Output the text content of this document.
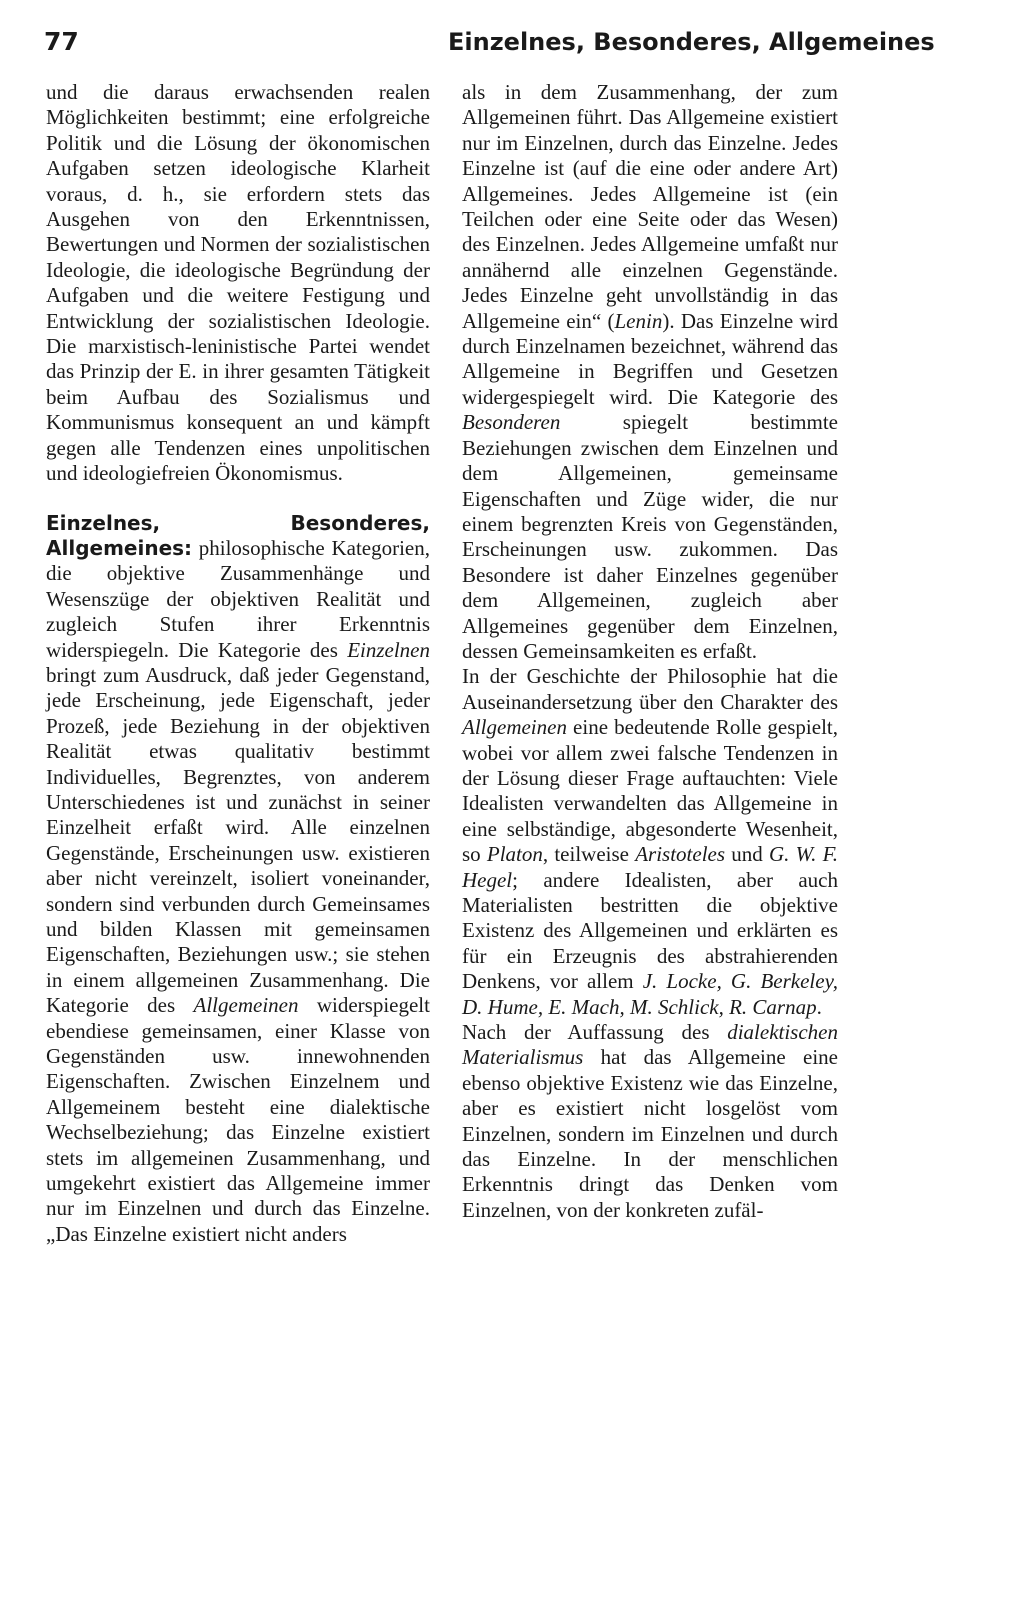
77	Einzelnes, Besonderes, Allgemeines

und die daraus erwachsenden realen Möglichkeiten bestimmt; eine erfolgreiche Politik und die Lösung der ökonomischen Aufgaben setzen ideologische Klarheit voraus, d. h., sie erfordern stets das Ausgehen von den Erkenntnissen, Bewertungen und Normen der sozialistischen Ideologie, die ideologische Begründung der Aufgaben und die weitere Festigung und Entwicklung der sozialistischen Ideologie. Die marxistisch-leninistische Partei wendet das Prinzip der E. in ihrer gesamten Tätigkeit beim Aufbau des Sozialismus und Kommunismus konsequent an und kämpft gegen alle Tendenzen eines unpolitischen und ideologiefreien Ökonomismus.

Einzelnes, Besonderes, Allgemeines: philosophische Kategorien, die objektive Zusammenhänge und Wesenszüge der objektiven Realität und zugleich Stufen ihrer Erkenntnis widerspiegeln. Die Kategorie des Einzelnen bringt zum Ausdruck, daß jeder Gegenstand, jede Erscheinung, jede Eigenschaft, jeder Prozeß, jede Beziehung in der objektiven Realität etwas qualitativ bestimmt Individuelles, Begrenztes, von anderem Unterschiedenes ist und zunächst in seiner Einzelheit erfaßt wird. Alle einzelnen Gegenstände, Erscheinungen usw. existieren aber nicht vereinzelt, isoliert voneinander, sondern sind verbunden durch Gemeinsames und bilden Klassen mit gemeinsamen Eigenschaften, Beziehungen usw.; sie stehen in einem allgemeinen Zusammenhang. Die Kategorie des Allgemeinen widerspiegelt ebendiese gemeinsamen, einer Klasse von Gegenständen usw. innewohnenden Eigenschaften. Zwischen Einzelnem und Allgemeinem besteht eine dialektische Wechselbeziehung; das Einzelne existiert stets im allgemeinen Zusammenhang, und umgekehrt existiert das Allgemeine immer nur im Einzelnen und durch das Einzelne. „Das Einzelne existiert nicht anders

als in dem Zusammenhang, der zum Allgemeinen führt. Das Allgemeine existiert nur im Einzelnen, durch das Einzelne. Jedes Einzelne ist (auf die eine oder andere Art) Allgemeines. Jedes Allgemeine ist (ein Teilchen oder eine Seite oder das Wesen) des Einzelnen. Jedes Allgemeine umfaßt nur annähernd alle einzelnen Gegenstände. Jedes Einzelne geht unvollständig in das Allgemeine ein“ (Lenin). Das Einzelne wird durch Einzelnamen bezeichnet, während das Allgemeine in Begriffen und Gesetzen widergespiegelt wird. Die Kategorie des Besonderen spiegelt bestimmte Beziehungen zwischen dem Einzelnen und dem Allgemeinen, gemeinsame Eigenschaften und Züge wider, die nur einem begrenzten Kreis von Gegenständen, Erscheinungen usw. zukommen. Das Besondere ist daher Einzelnes gegenüber dem Allgemeinen, zugleich aber Allgemeines gegenüber dem Einzelnen, dessen Gemeinsamkeiten es erfaßt.

In der Geschichte der Philosophie hat die Auseinandersetzung über den Charakter des Allgemeinen eine bedeutende Rolle gespielt, wobei vor allem zwei falsche Tendenzen in der Lösung dieser Frage auftauchten: Viele Idealisten verwandelten das Allgemeine in eine selbständige, abgesonderte Wesenheit, so Platon, teilweise Aristoteles und G. W. F. Hegel; andere Idealisten, aber auch Materialisten bestritten die objektive Existenz des Allgemeinen und erklärten es für ein Erzeugnis des abstrahierenden Denkens, vor allem J. Locke, G. Berkeley, D. Hume, E. Mach, M. Schlick, R. Carnap.

Nach der Auffassung des dialektischen Materialismus hat das Allgemeine eine ebenso objektive Existenz wie das Einzelne, aber es existiert nicht losgelöst vom Einzelnen, sondern im Einzelnen und durch das Einzelne. In der menschlichen Erkenntnis dringt das Denken vom Einzelnen, von der konkreten zufäl-
